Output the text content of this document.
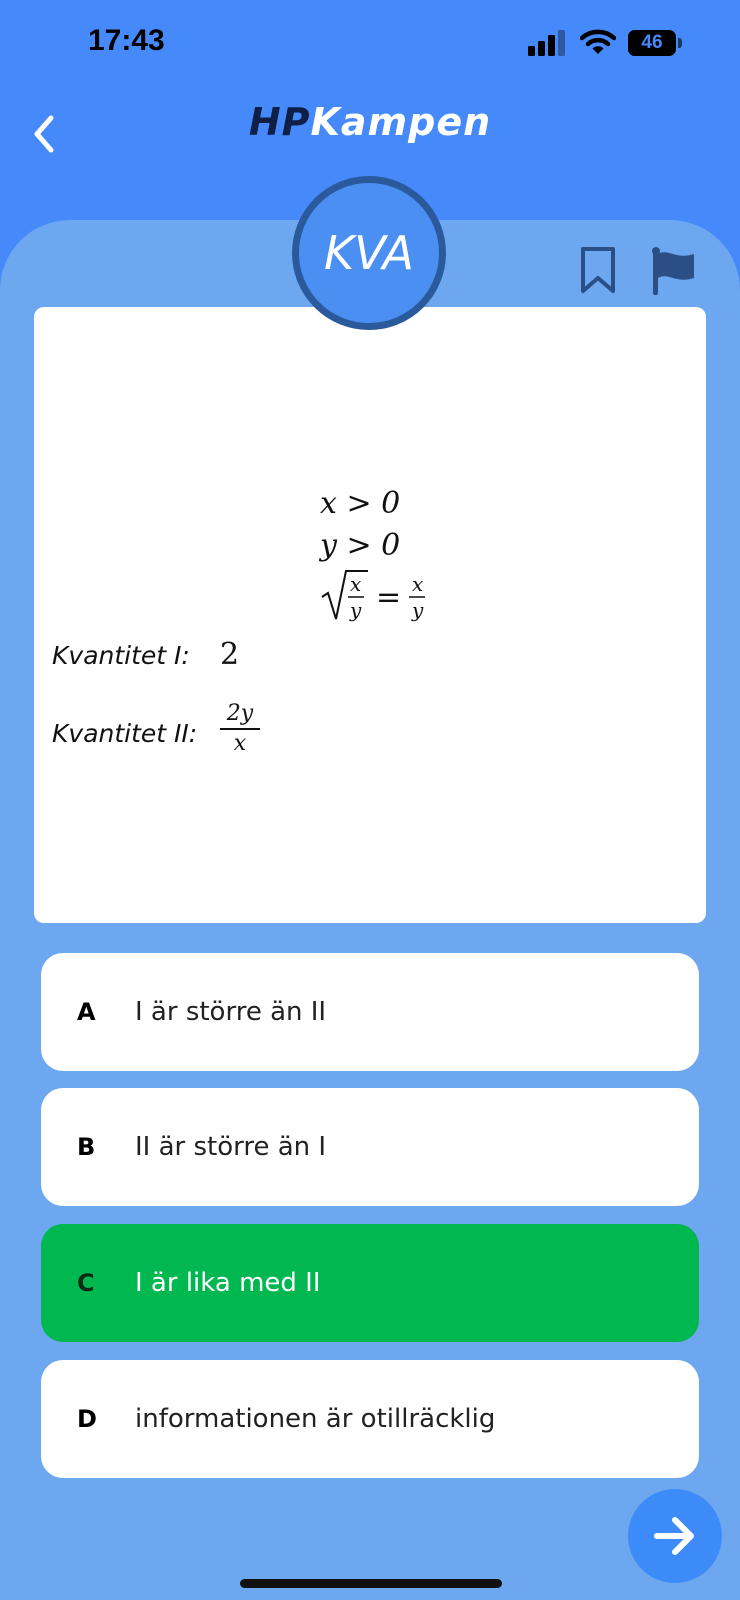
17:43	46
HPKampen
KVA
x > 0
y > 0
x
y = x
y
Kvantitet I: 2
Kvantitet II:
2y
x
A	I är större än II
B	II är större än I
C	I är lika med II
D	informationen är otillräcklig
